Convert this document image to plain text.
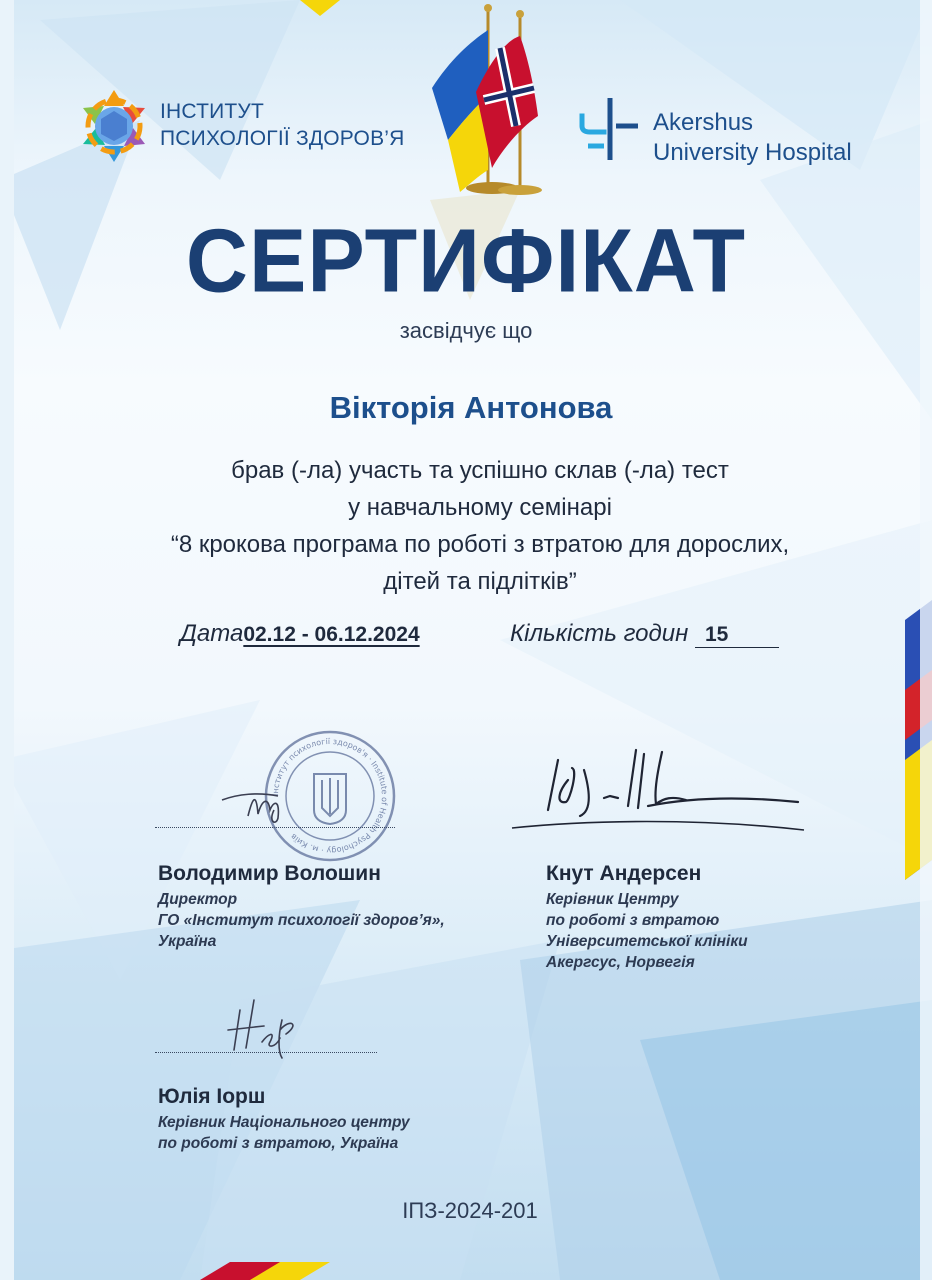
ІНСТИТУТ
ПСИХОЛОГІЇ ЗДОРОВ’Я
Akershus
University Hospital
СЕРТИФІКАТ
засвідчує що
Вікторія Антонова
брав (-ла) участь та успішно склав (-ла) тест
у навчальному семінарі
“8 крокова програма по роботі з втратою для дорослих,
дітей та підлітків”
Дата02.12 - 06.12.2024	Кількість годин 15
Інститут психології здоров'я · Institute of Health Psychology · м. Київ
Володимир Волошин
Директор
ГО «Інститут психології здоров’я»,
Україна
Кнут Андерсен
Керівник Центру
по роботі з втратою
Університетської клініки
Акергсус, Норвегія
Юлія Іорш
Керівник Національного центру
по роботі з втратою, Україна
ІПЗ-2024-201
